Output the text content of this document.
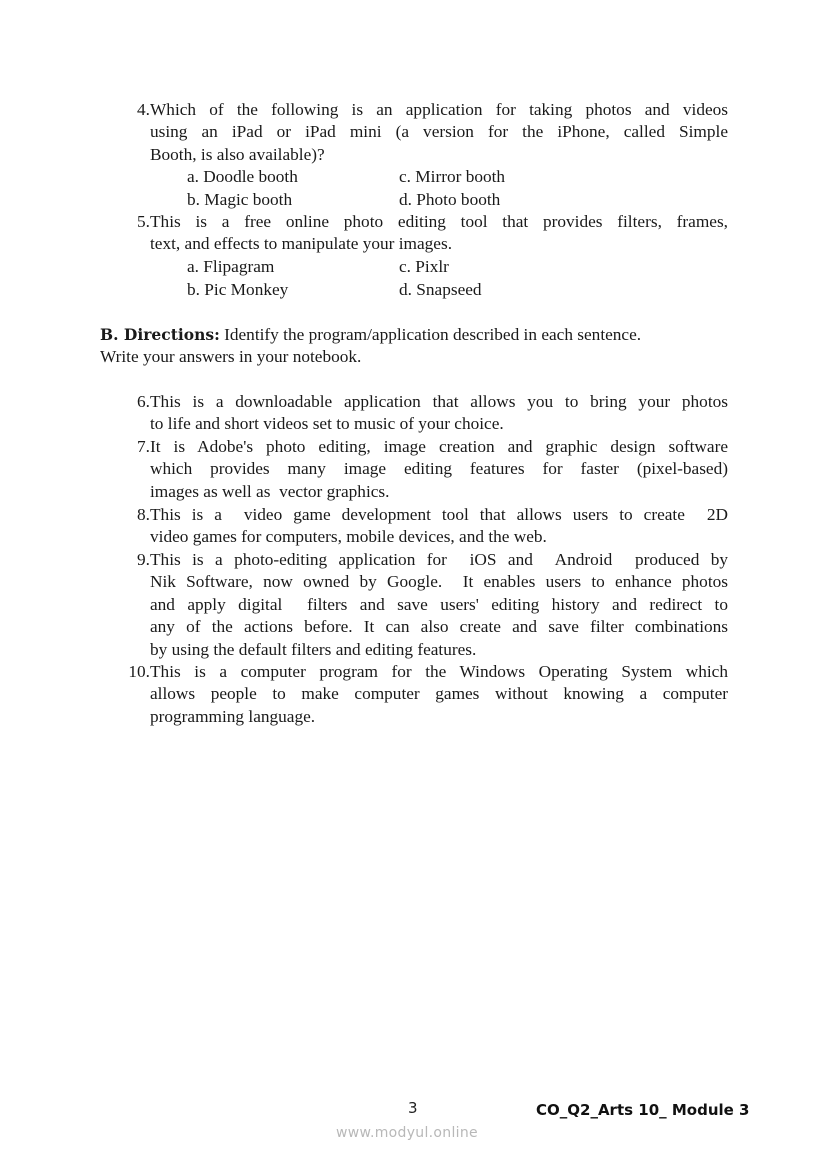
4. Which of the following is an application for taking photos and videos
using an iPad or iPad mini (a version for the iPhone, called Simple
Booth, is also available)?
a. Doodle booth
b. Magic booth
c. Mirror booth
d. Photo booth
5. This is a free online photo editing tool that provides filters, frames,
text, and effects to manipulate your images.
a. Flipagram
b. Pic Monkey
c. Pixlr
d. Snapseed
B. Directions: Identify the program/application described in each sentence.
Write your answers in your notebook.
6. This is a downloadable application that allows you to bring your photos
to life and short videos set to music of your choice.
7. It is Adobe's photo editing, image creation and graphic design software
which provides many image editing features for faster (pixel-based)
images as well as  vector graphics.
8. This is a  video game development tool that allows users to create  2D
video games for computers, mobile devices, and the web.
9. This is a photo-editing application for  iOS and  Android  produced by
Nik Software, now owned by Google.  It enables users to enhance photos
and apply digital  filters and save users' editing history and redirect to
any of the actions before. It can also create and save filter combinations
by using the default filters and editing features.
10. This is a computer program for the Windows Operating System which
allows people to make computer games without knowing a computer
programming language.
3	CO_Q2_Arts 10_ Module 3
www.modyul.online
